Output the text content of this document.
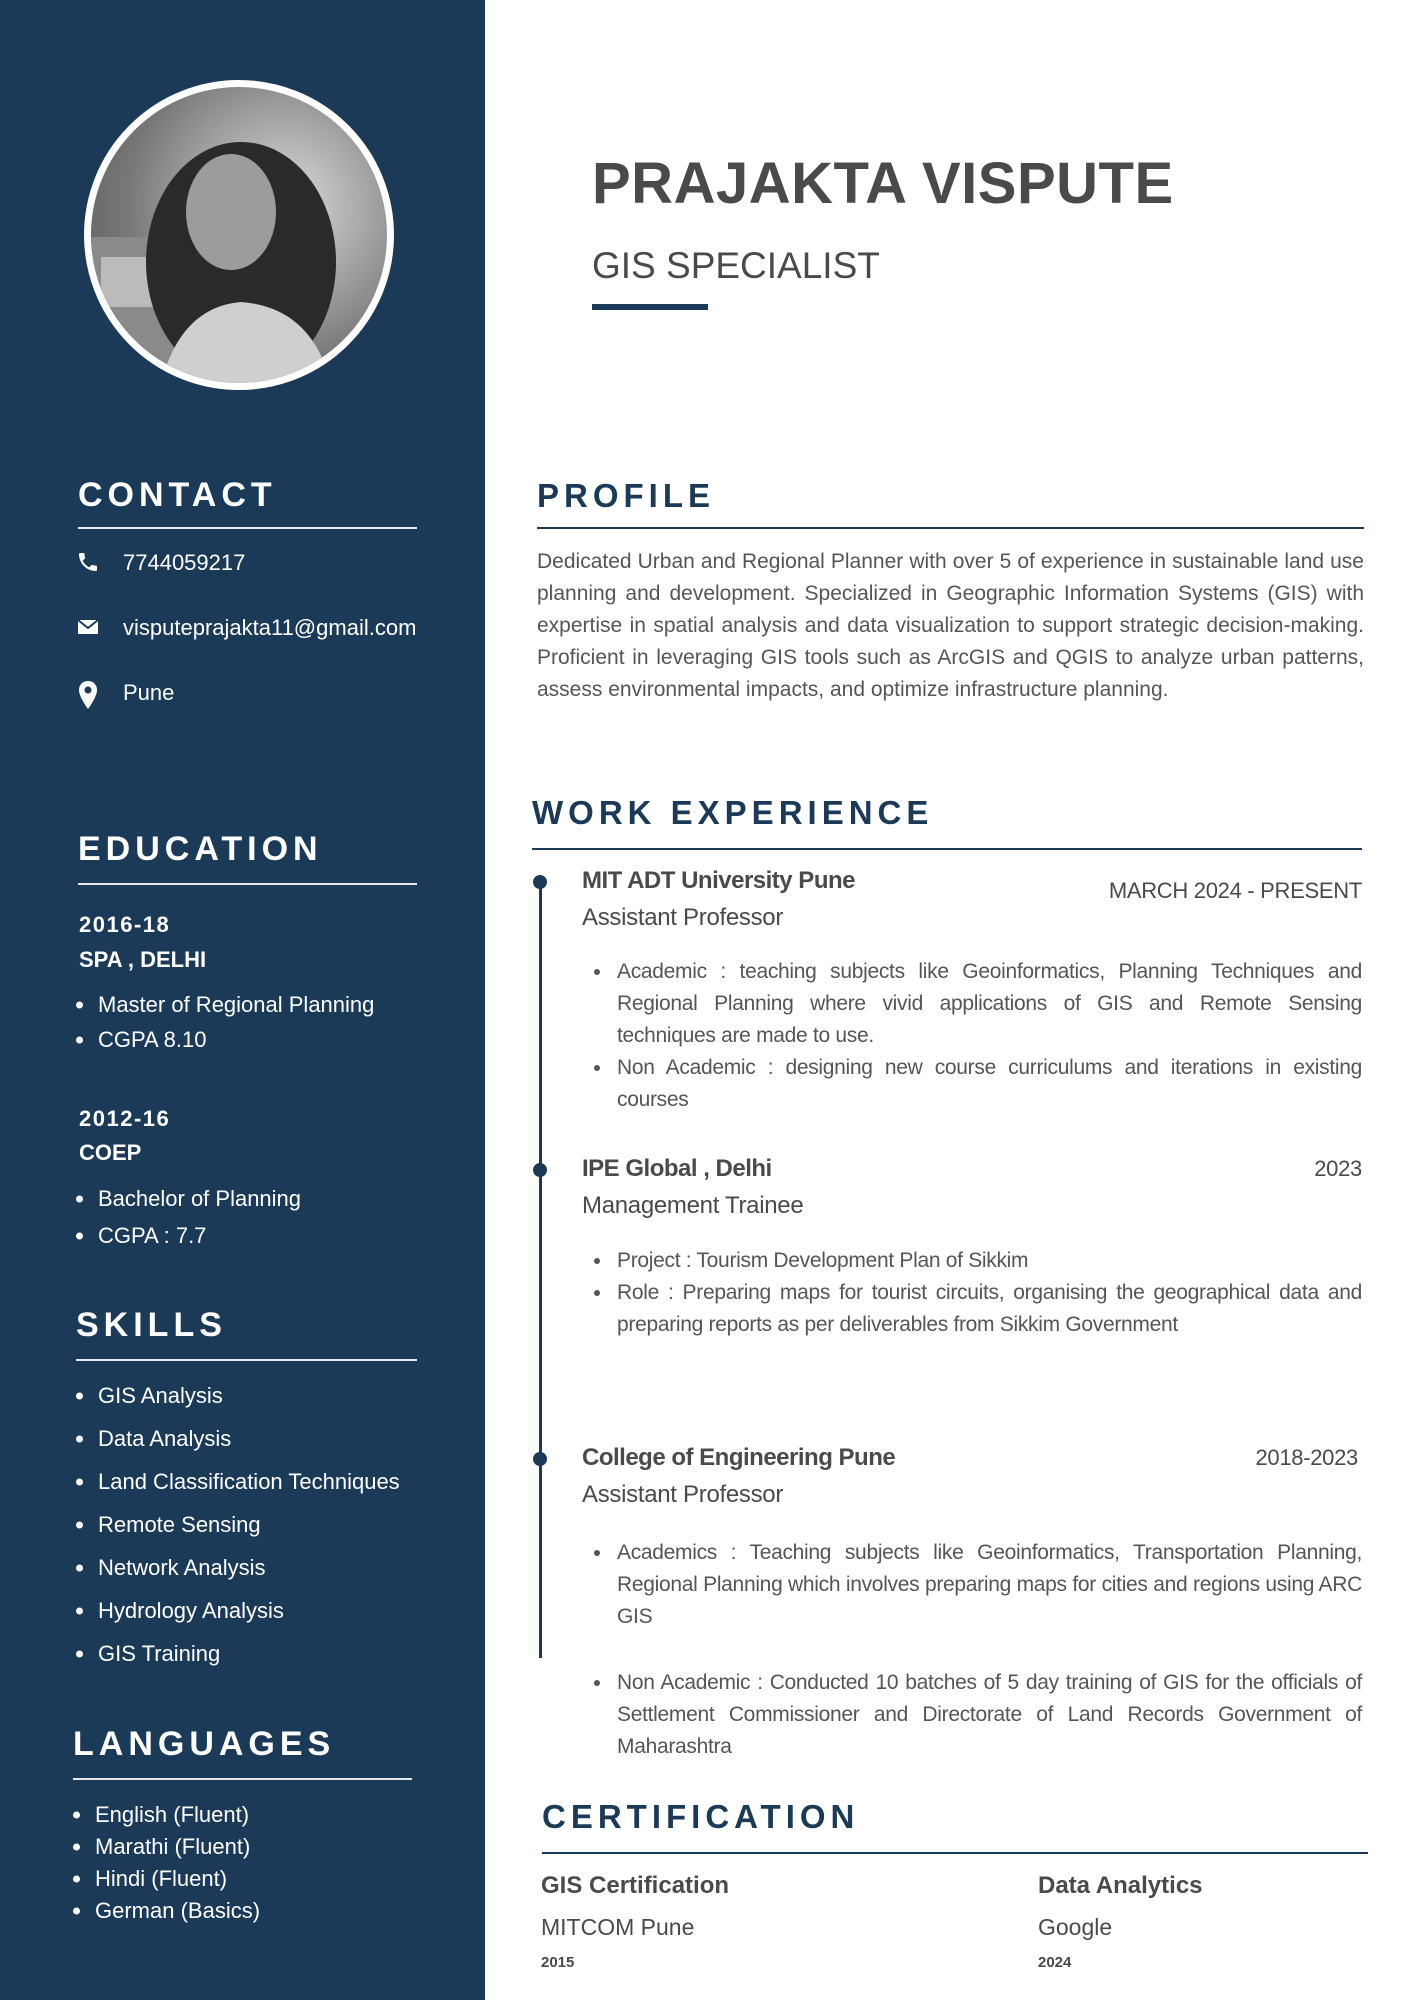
CONTACT
7744059217
visputeprajakta11@gmail.com
Pune
EDUCATION
2016-18
SPA , DELHI
Master of Regional Planning
CGPA 8.10
2012-16
COEP
Bachelor of Planning
CGPA : 7.7
SKILLS
GIS Analysis
Data Analysis
Land Classification Techniques
Remote Sensing
Network Analysis
Hydrology Analysis
GIS Training
LANGUAGES
English (Fluent)
Marathi (Fluent)
Hindi (Fluent)
German (Basics)
PRAJAKTA VISPUTE
GIS SPECIALIST
PROFILE
Dedicated Urban and Regional Planner with over 5 of experience in sustainable land use planning and development. Specialized in Geographic Information Systems (GIS) with expertise in spatial analysis and data visualization to support strategic decision-making. Proficient in leveraging GIS tools such as ArcGIS and QGIS to analyze urban patterns, assess environmental impacts, and optimize infrastructure planning.
WORK EXPERIENCE
MIT ADT University Pune	MARCH 2024 - PRESENT
Assistant Professor
Academic : teaching subjects like Geoinformatics, Planning Techniques and Regional Planning where vivid applications of GIS and Remote Sensing techniques are made to use.
Non Academic : designing new course curriculums and iterations in existing courses
IPE Global , Delhi	2023
Management Trainee
Project : Tourism Development Plan of Sikkim
Role : Preparing maps for tourist circuits, organising the geographical data and preparing reports as per deliverables from Sikkim Government
College of Engineering Pune	2018-2023
Assistant Professor
Academics : Teaching subjects like Geoinformatics, Transportation Planning, Regional Planning which involves preparing maps for cities and regions using ARC GIS
Non Academic : Conducted 10 batches of 5 day training of GIS for the officials of Settlement Commissioner and Directorate of Land Records Government of Maharashtra
CERTIFICATION
GIS Certification
MITCOM Pune
2015
Data Analytics
Google
2024
